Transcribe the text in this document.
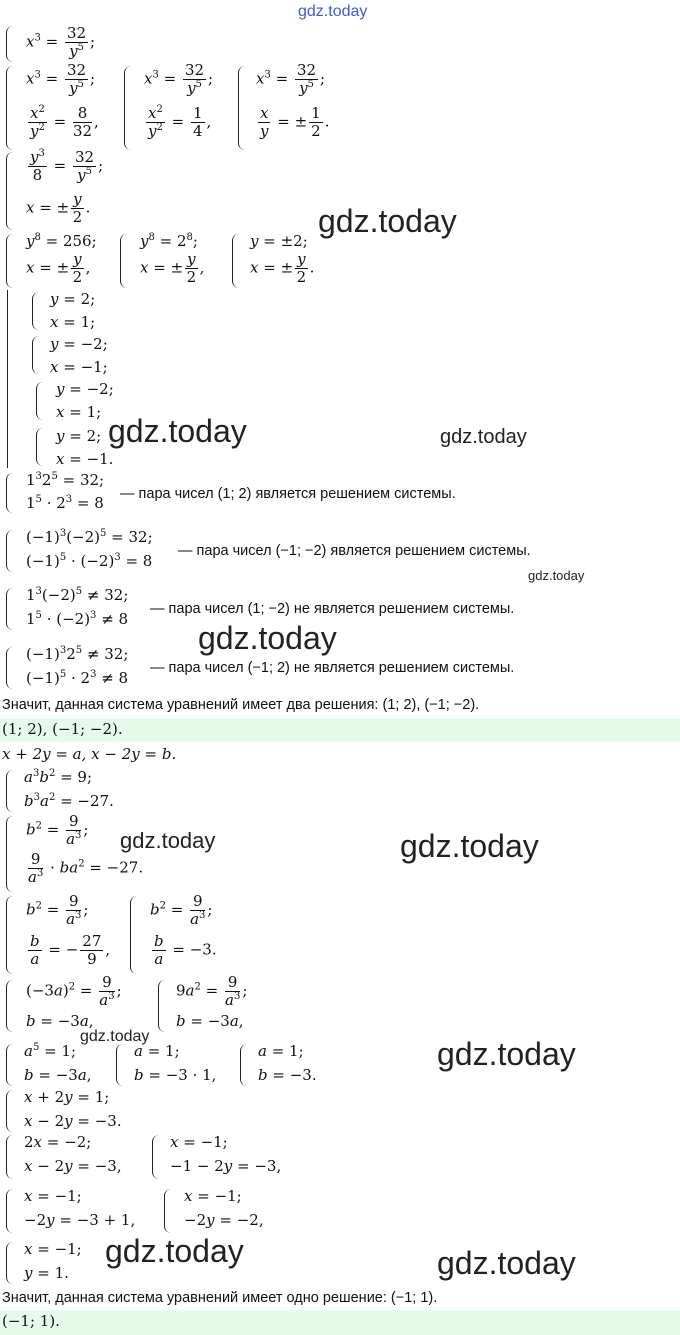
gdz.today
gdz.today
gdz.today	gdz.today
gdz.today
gdz.today
gdz.today	gdz.today
gdz.today	gdz.today
gdz.today	gdz.today
$x^3 = \frac{32}{y^5}$ ;
$x^3 = \frac{32}{y^5}$ ;
$\frac{x^2}{y^2} = \frac{8}{32}$ ,
$x^3 = \frac{32}{y^5}$ ;
$\frac{x^2}{y^2} = \frac{1}{4}$ ,
$x^3 = \frac{32}{y^5}$ ;
$\frac{x}{y}$ = ± $\frac{1}{2}$ .
$\frac{y^3}{8} = \frac{32}{y^5}$ ;
x = ± $\frac{y}{2}$ .
$y^8 = 256$;
x = ± $\frac{y}{2}$ ,
$y^8 = 2^8$;
x = ± $\frac{y}{2}$ ,
y = ±2;
x = ± $\frac{y}{2}$ .
y = 2;
x = 1;
y = −2;
x = −1;
y = −2;
x = 1;
y = 2;
x = −1.
$1^32^5 = 32$;
$1^5 \cdot 2^3 = 8$ — пара чисел (1; 2) является решением системы.
$(-1)^3(-2)^5 = 32$;
$(-1)^5 \cdot (-2)^3 = 8$
— пара чисел (−1; −2) является решением системы.
$1^3(-2)^5 \ne 32$;
$1^5 \cdot (-2)^3 \ne 8$
— пара чисел (1; −2) не является решением системы.
$(-1)^32^5 \ne 32$;
$(-1)^5 \cdot 2^3 \ne 8$
— пара чисел (−1; 2) не является решением системы.
Значит, данная система уравнений имеет два решения: (1; 2), (−1; −2).
(1; 2), (−1; −2).
x + 2y = a, x − 2y = b.
$a^3b^2 = 9$;
$b^3a^2 = -27$.
$b^2 = \frac{9}{a^3}$ ;
$\frac{9}{a^3} \cdot ba^2 = -27$.
$b^2 = \frac{9}{a^3}$ ;
$\frac{b}{a}$ = − $\frac{27}{9}$ ,
$b^2 = \frac{9}{a^3}$ ;
$\frac{b}{a} = -3$.
$(-3a)^2 = \frac{9}{a^3}$ ;
b = −3a,
$9a^2 = \frac{9}{a^3}$ ;
b = −3a,
$a^5 = 1$;
b = −3a,
a = 1;
b = −3 · 1,
a = 1;
b = −3.
x + 2y = 1;
x − 2y = −3.
2x = −2;
x − 2y = −3,
x = −1;
−1 − 2y = −3,
x = −1;
−2y = −3 + 1,
x = −1;
−2y = −2,
x = −1;
y = 1.
Значит, данная система уравнений имеет одно решение: (−1; 1).
(−1; 1).
